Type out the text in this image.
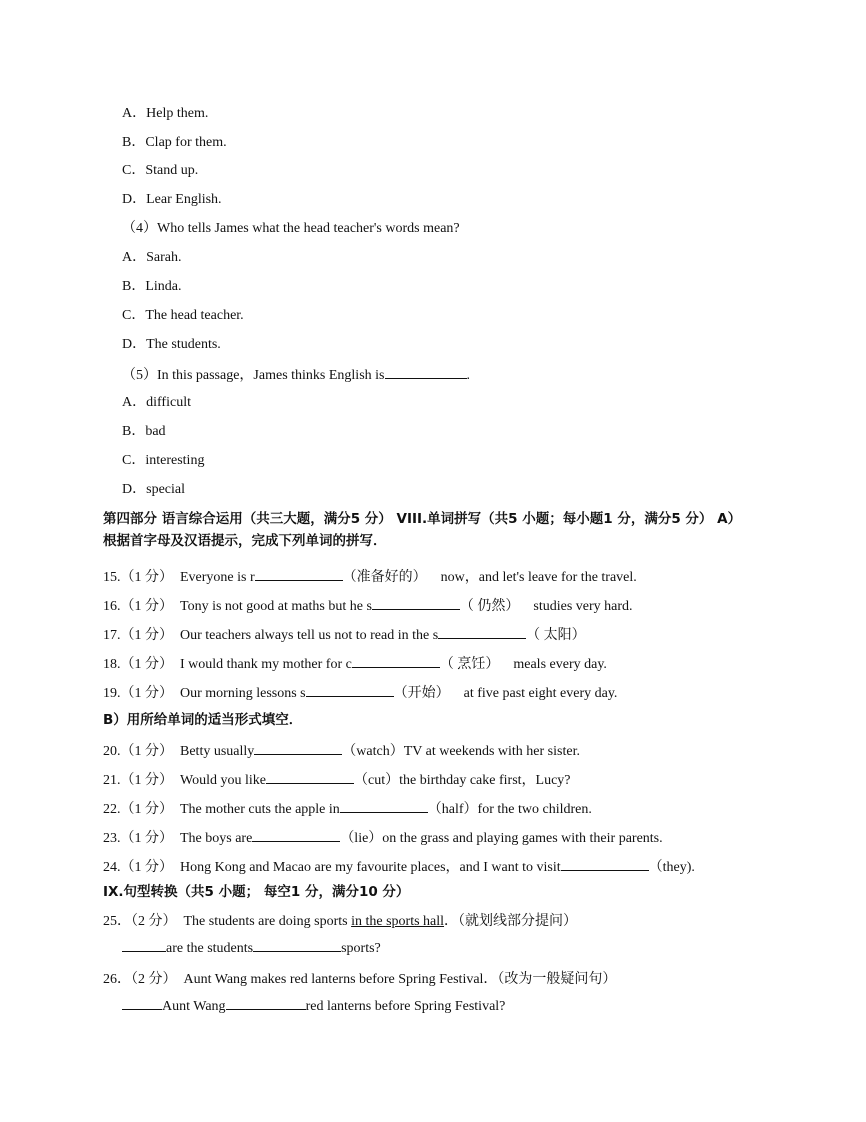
A．Help them.
B．Clap for them.
C．Stand up.
D．Lear English.
（4）Who tells James what the head teacher's words mean?
A．Sarah.
B．Linda.
C．The head teacher.
D．The students.
（5）In this passage，James thinks English is	.
A．difficult
B．bad
C．interesting
D．special
第四部分 语言综合运用（共三大题，满分5 分） VIII.单词拼写（共5 小题；每小题1 分，满分5 分） A）
根据首字母及汉语提示，完成下列单词的拼写．
15.（1 分） Everyone is r	（准备好的） now，and let's leave for the travel.
16.（1 分） Tony is not good at maths but he s	（ 仍然） studies very hard.
17.（1 分） Our teachers always tell us not to read in the s	（ 太阳）
18.（1 分） I would thank my mother for c	（ 烹饪） meals every day.
19.（1 分） Our morning lessons s	（开始） at five past eight every day.
B）用所给单词的适当形式填空．
20.（1 分） Betty usually	（watch）TV at weekends with her sister.
21.（1 分） Would you like	（cut）the birthday cake first，Lucy?
22.（1 分） The mother cuts the apple in	（half）for the two children.
23.（1 分） The boys are	（lie）on the grass and playing games with their parents.
24.（1 分） Hong Kong and Macao are my favourite places，and I want to visit	（they).
IX.句型转换（共5 小题； 每空1 分，满分10 分）
25．（2 分） The students are doing sports in the sports hall．（就划线部分提问）
are the students	sports?
26．（2 分） Aunt Wang makes red lanterns before Spring Festival．（改为一般疑问句）
Aunt Wang	red lanterns before Spring Festival?
